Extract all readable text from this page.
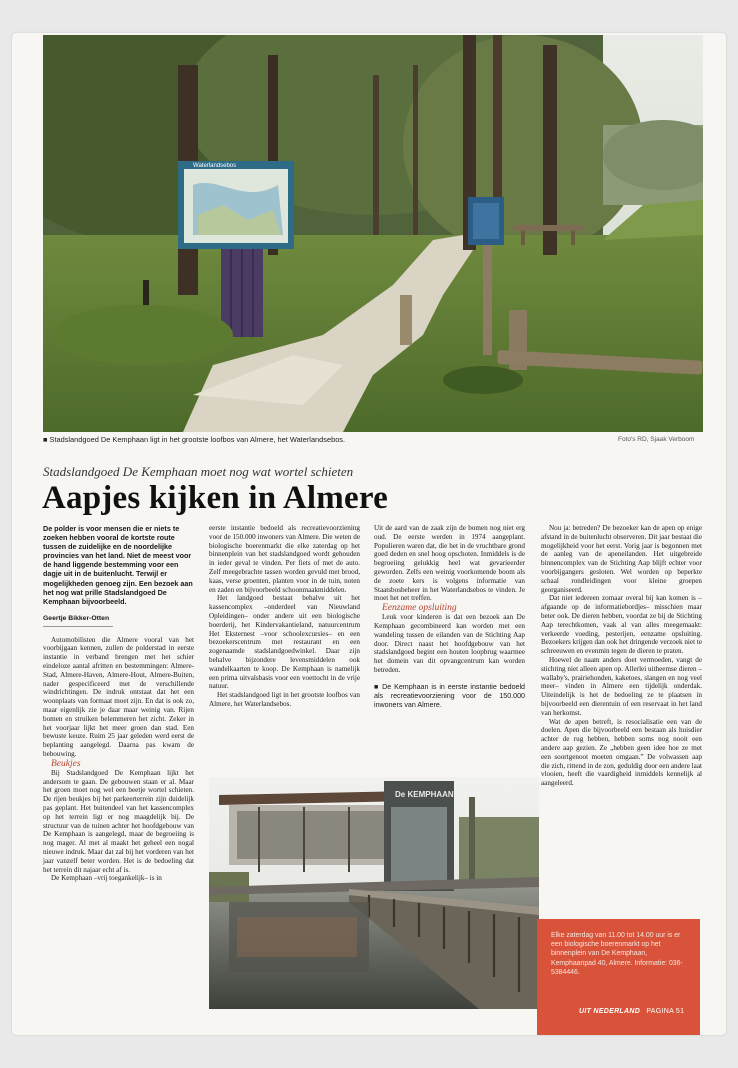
Waterlandsebos
■ Stadslandgoed De Kemphaan ligt in het grootste loofbos van Almere, het Waterlandsebos.	Foto's RD, Sjaak Verboom
Stadslandgoed De Kemphaan moet nog wat wortel schieten
Aapjes kijken in Almere
De polder is voor mensen die er niets te zoeken hebben vooral de kortste route tussen de zuidelijke en de noordelijke provincies van het land. Niet de meest voor de hand liggende bestemming voor een dagje uit in de buitenlucht. Terwijl er mogelijkheden genoeg zijn. Een bezoek aan het nog wat prille Stadslandgoed De Kemphaan bijvoorbeeld.
Geertje Bikker-Otten

Automobilisten die Almere vooral van het voorbijgaan kennen, zullen de polderstad in eerste instantie in verband brengen met het schier eindeloze aantal afritten en bestemmingen: Almere-Stad, Almere-Haven, Almere-Hout, Almere-Buiten, nader gespecificeerd met de verschillende windrichtingen. De indruk ontstaat dat het een woonplaats van formaat moet zijn. En dat is ook zo, maar eigenlijk zie je daar maar weinig van. Rijen bomen en struiken belemmeren het zicht. Zeker in het voorjaar lijkt het meer groen dan stad. Een bewuste keuze. Ruim 25 jaar geleden werd eerst de beplanting aangelegd. Daarna pas kwam de bebouwing.

Beukjes

Bij Stadslandgoed De Kemphaan lijkt het andersom te gaan. De gebouwen staan er al. Maar het groen moet nog wel een beetje wortel schieten. De rijen beukjes bij het parkeerterrein zijn duidelijk pas geplant. Het buitendeel van het kassencomplex op het terrein ligt er nog maagdelijk bij. De structuur van de tuinen achter het hoofdgebouw van De Kemphaan is aangelegd, maar de begroeiing is nog mager. Al met al maakt het geheel een nogal nieuwe indruk. Maar dat zal bij het vorderen van het jaar vanzelf beter worden. Het is de bedoeling dat het terrein dit najaar echt af is.

De Kemphaan –vrij toegankelijk– is in

eerste instantie bedoeld als recreatievoorziening voor de 150.000 inwoners van Almere. Die weten de biologische boerenmarkt die elke zaterdag op het binnenplein van het stadslandgoed wordt gehouden in ieder geval te vinden. Per fiets of met de auto. Zelf meegebrachte tassen worden gevuld met brood, kaas, verse groenten, planten voor in de tuin, noten en zaden en bijvoorbeeld schoonmaakmiddelen.

Het landgoed bestaat behalve uit het kassencomplex –onderdeel van Nieuwland Opleidingen– onder andere uit een biologische boerderij, het Kindervakantieland, natuurcentrum Het Eksternest –voor schoolexcursies– en een bezoekerscentrum met restaurant en een zogenaamde stadslandgoedwinkel. Daar zijn behalve bijzondere levensmiddelen ook wandelkaarten te koop. De Kemphaan is namelijk een prima uitvalsbasis voor een voettocht in de vrije natuur.

Het stadslandgoed ligt in het grootste loofbos van Almere, het Waterlandsebos.

Uit de aard van de zaak zijn de bomen nog niet erg oud. De eerste werden in 1974 aangeplant. Populieren waren dat, die het in de vruchtbare grond goed deden en snel hoog opschoten. Inmiddels is de begroeiing gelukkig heel wat gevarieerder geworden. Zelfs een weinig voorkomende boom als de zoete kers is volgens informatie van Staatsbosbeheer in het Waterlandsebos te vinden. Je moet het net treffen.

Eenzame opsluiting

Leuk voor kinderen is dat een bezoek aan De Kemphaan gecombineerd kan worden met een wandeling tussen de eilanden van de Stichting Aap door. Direct naast het hoofdgebouw van het stadslandgoed begint een houten loopbrug waarmee het domein van dit opvangcentrum kan worden betreden.

■ De Kemphaan is in eerste instantie bedoeld als recreatievoorziening voor de 150.000 inwoners van Almere.

Nou ja: betreden? De bezoeker kan de apen op enige afstand in de buitenlucht observeren. Dit jaar bestaat die mogelijkheid voor het eerst. Vorig jaar is begonnen met de aanleg van de apeneilanden. Het uitgebreide binnencomplex van de Stichting Aap blijft echter voor voorbijgangers gesloten. Wel worden op beperkte schaal rondleidingen voor kleine groepen georganiseerd.

Dat niet iedereen zomaar overal bij kan komen is –afgaande op de informatiebordjes– misschien maar beter ook. De dieren hebben, voordat ze bij de Stichting Aap terechtkomen, vaak al van alles meegemaakt: verkeerde voeding, pesterijen, eenzame opsluiting. Bezoekers krijgen dan ook het dringende verzoek niet te schreeuwen en evenmin tegen de dieren te praten.

Hoewel de naam anders doet vermoeden, vangt de stichting niet alleen apen op. Allerlei uitheemse dieren –wallaby's, prairiehonden, kaketoes, slangen en nog veel meer– vinden in Almere een tijdelijk onderdak. Uiteindelijk is het de bedoeling ze te plaatsen in bijvoorbeeld een dierentuin of een reservaat in het land van herkomst.

Wat de apen betreft, is resocialisatie een van de doelen. Apen die bijvoorbeeld een bestaan als huisdier achter de rug hebben, hebben soms nog nooit een andere aap gezien. Ze „hebben geen idee hoe ze met een soortgenoot moeten omgaan.” De volwassen aap die zich, rittend in de zon, geduldig door een andere laat vlooien, heeft die vaardigheid inmiddels kennelijk al aangeleerd.

De KEMPHAAN
Elke zaterdag van 11.00 tot 14.00 uur is er een biologische boerenmarkt op het binnenplein van De Kemphaan, Kemphaanpad 40, Almere. Informatie: 036-5384446.
UIT NEDERLAND PAGINA 51
